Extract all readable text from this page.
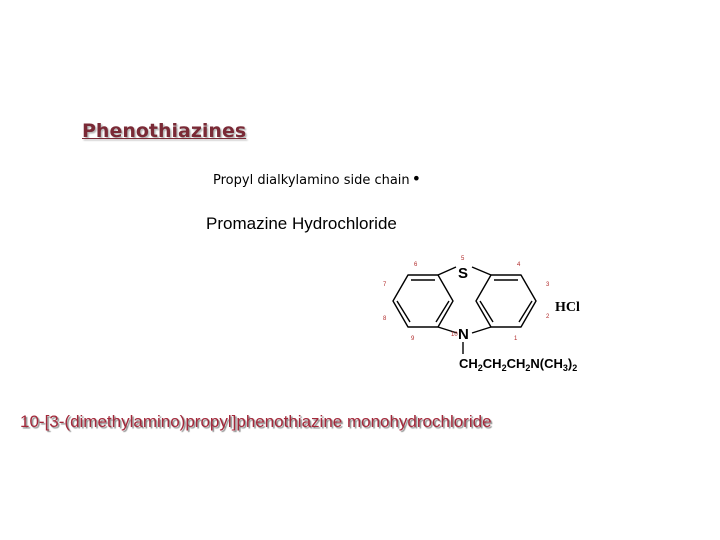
Phenothiazines
Propyl dialkylamino side chain •
Promazine Hydrochloride
S
N
HCl
1
2
3
4
5
6
7
8
9
10
$CH_2CH_2CH_2N(CH_3)_2$
10-[3-(dimethylamino)propyl]phenothiazine monohydrochloride
